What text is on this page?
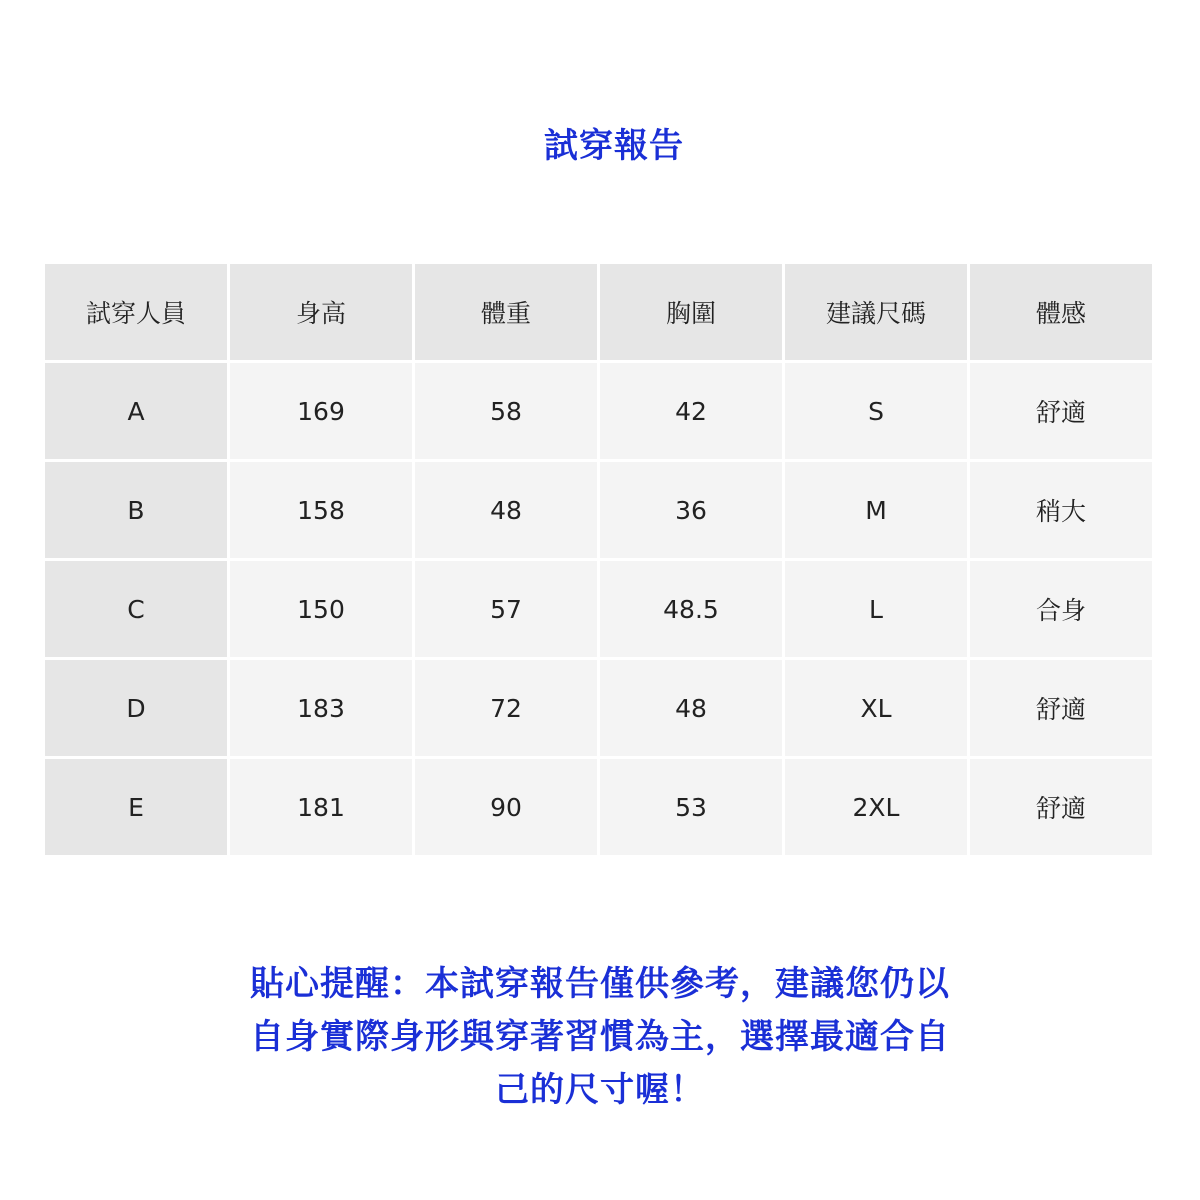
試穿報告
試穿人員	身高	體重	胸圍	建議尺碼	體感
A	169	58	42	S	舒適
B	158	48	36	M	稍大
C	150	57	48.5	L	合身
D	183	72	48	XL	舒適
E	181	90	53	2XL	舒適
貼心提醒：本試穿報告僅供參考，建議您仍以
自身實際身形與穿著習慣為主，選擇最適合自
己的尺寸喔！
